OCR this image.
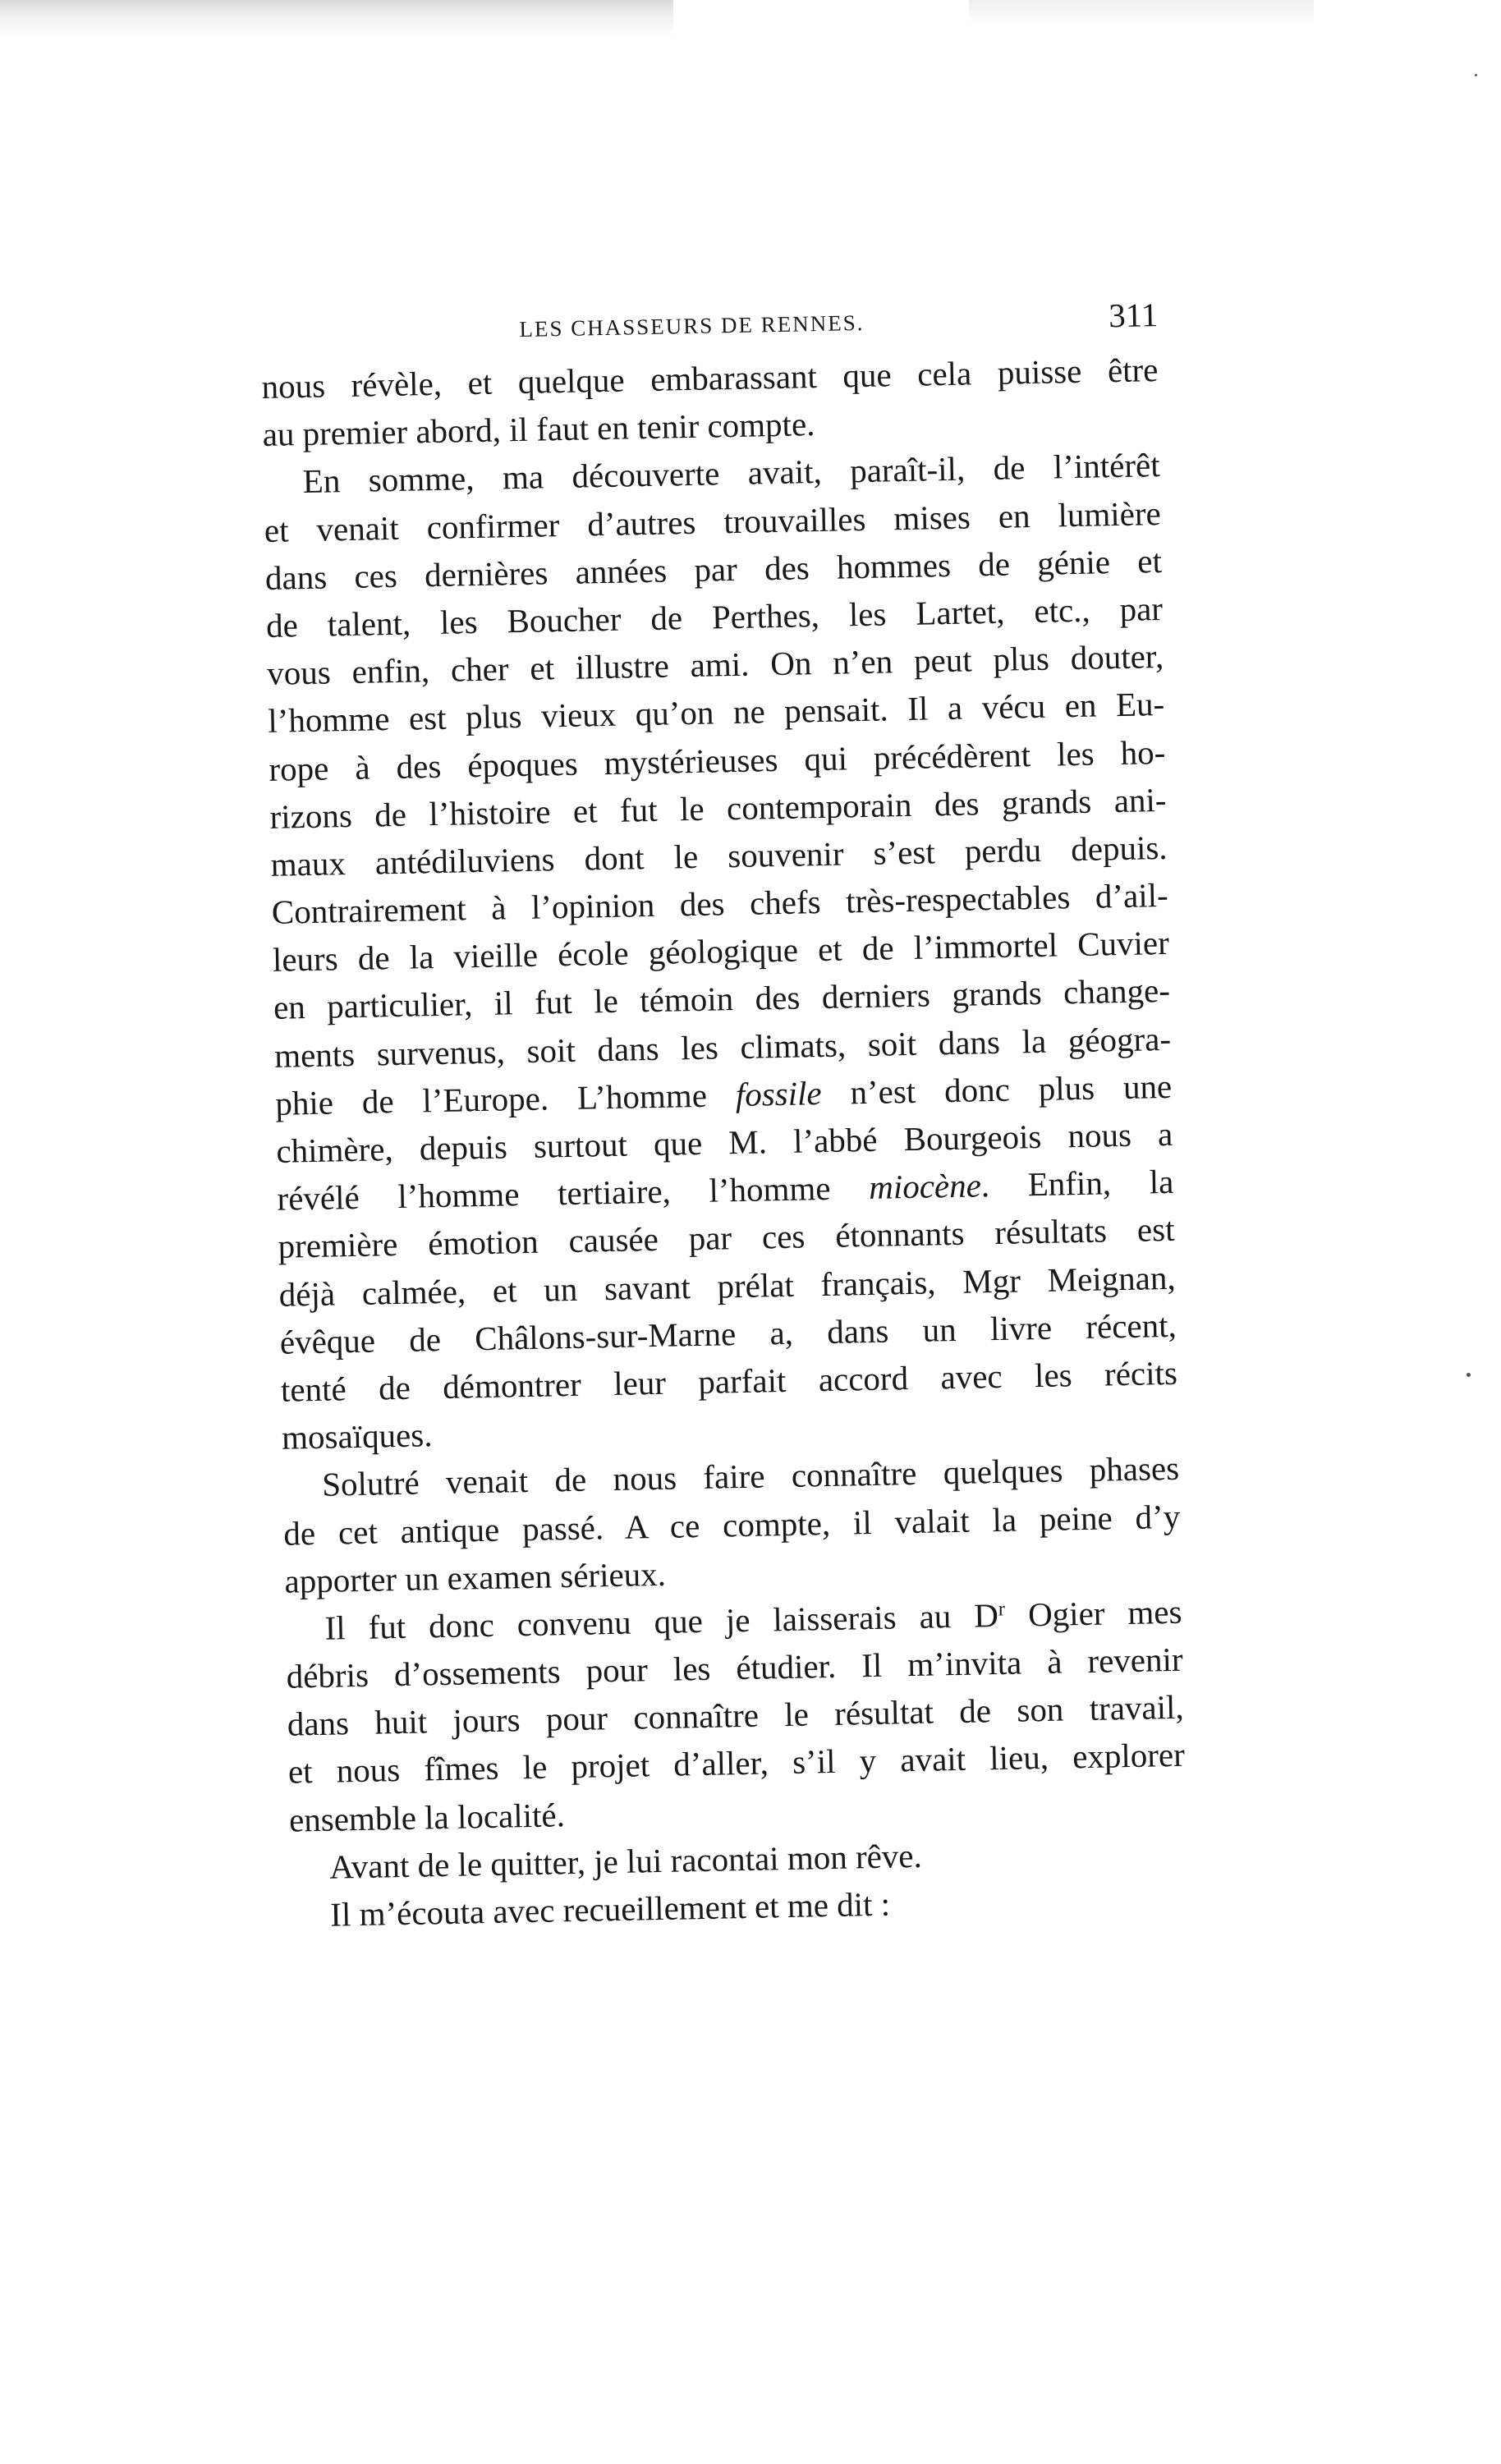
LES CHASSEURS DE RENNES.	311
nous révèle, et quelque embarassant que cela puisse être
au premier abord, il faut en tenir compte.
En somme, ma découverte avait, paraît-il, de l’intérêt
et venait confirmer d’autres trouvailles mises en lumière
dans ces dernières années par des hommes de génie et
de talent, les Boucher de Perthes, les Lartet, etc., par
vous enfin, cher et illustre ami. On n’en peut plus douter,
l’homme est plus vieux qu’on ne pensait. Il a vécu en Eu-
rope à des époques mystérieuses qui précédèrent les ho-
rizons de l’histoire et fut le contemporain des grands ani-
maux antédiluviens dont le souvenir s’est perdu depuis.
Contrairement à l’opinion des chefs très-respectables d’ail-
leurs de la vieille école géologique et de l’immortel Cuvier
en particulier, il fut le témoin des derniers grands change-
ments survenus, soit dans les climats, soit dans la géogra-
phie de l’Europe. L’homme fossile n’est donc plus une
chimère, depuis surtout que M. l’abbé Bourgeois nous a
révélé l’homme tertiaire, l’homme miocène. Enfin, la
première émotion causée par ces étonnants résultats est
déjà calmée, et un savant prélat français, Mgr Meignan,
évêque de Châlons-sur-Marne a, dans un livre récent,
tenté de démontrer leur parfait accord avec les récits
mosaïques.
Solutré venait de nous faire connaître quelques phases
de cet antique passé. A ce compte, il valait la peine d’y
apporter un examen sérieux.
Il fut donc convenu que je laisserais au $D^r$ Ogier mes
débris d’ossements pour les étudier. Il m’invita à revenir
dans huit jours pour connaître le résultat de son travail,
et nous fîmes le projet d’aller, s’il y avait lieu, explorer
ensemble la localité.
Avant de le quitter, je lui racontai mon rêve.
Il m’écouta avec recueillement et me dit :
